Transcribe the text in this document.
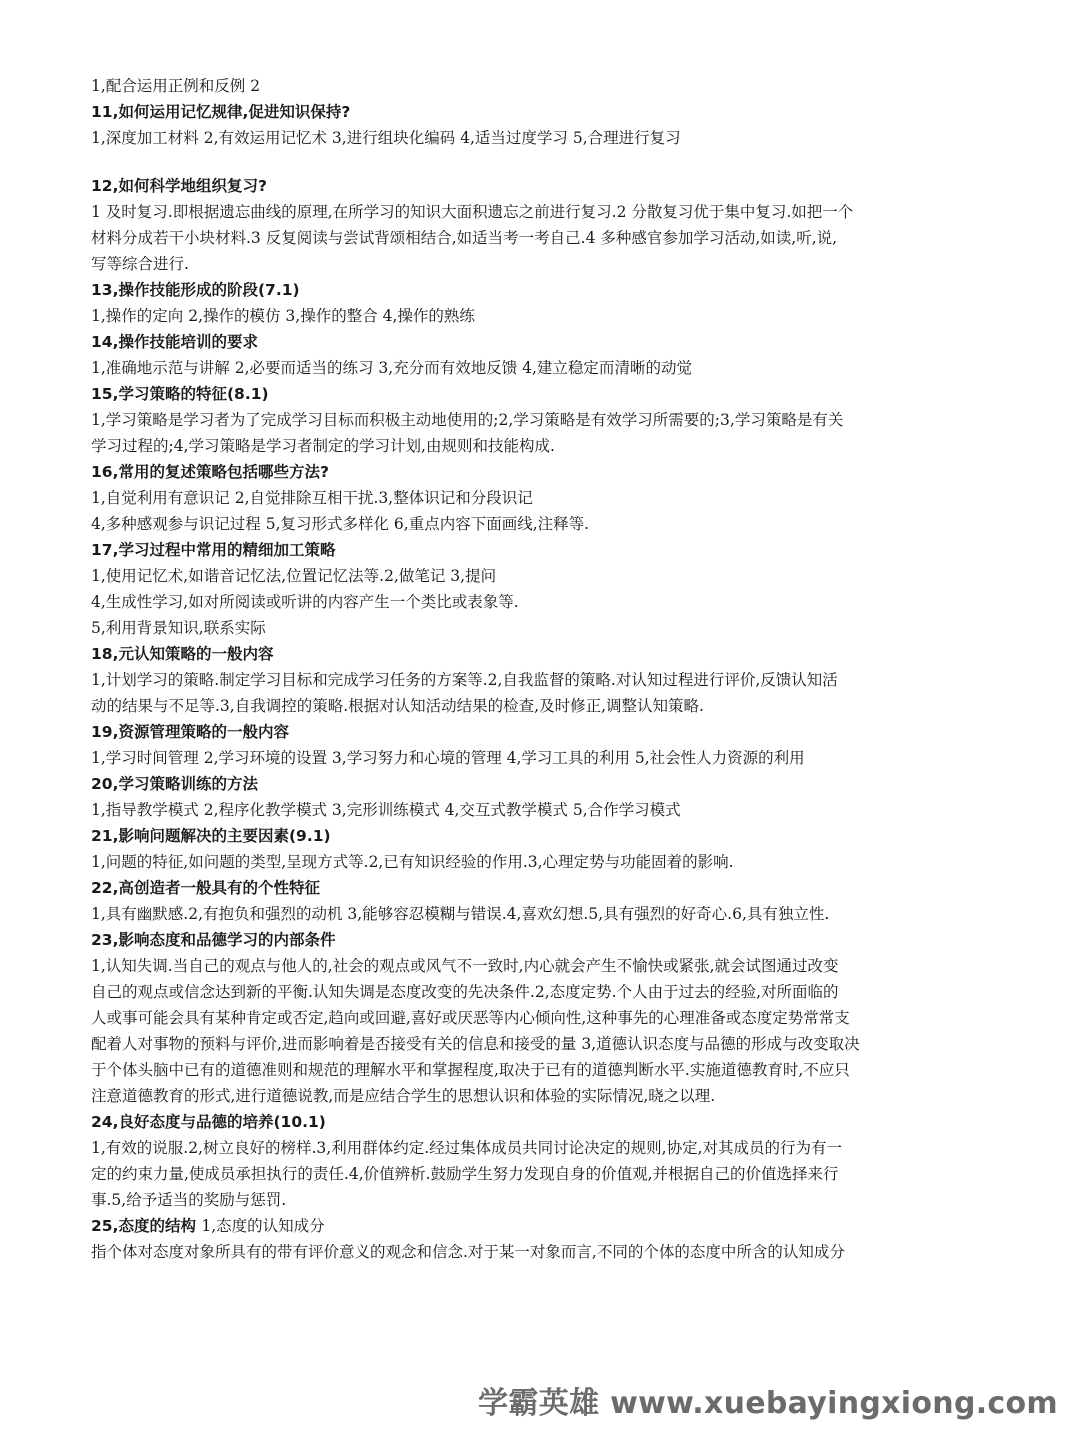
1,配合运用正例和反例 2
11,如何运用记忆规律,促进知识保持?
1,深度加工材料 2,有效运用记忆术 3,进行组块化编码 4,适当过度学习 5,合理进行复习
12,如何科学地组织复习?
1 及时复习.即根据遗忘曲线的原理,在所学习的知识大面积遗忘之前进行复习.2 分散复习优于集中复习.如把一个
材料分成若干小块材料.3 反复阅读与尝试背颂相结合,如适当考一考自己.4 多种感官参加学习活动,如读,听,说,
写等综合进行.
13,操作技能形成的阶段(7.1)
1,操作的定向 2,操作的模仿 3,操作的整合 4,操作的熟练
14,操作技能培训的要求
1,准确地示范与讲解 2,必要而适当的练习 3,充分而有效地反馈 4,建立稳定而清晰的动觉
15,学习策略的特征(8.1)
1,学习策略是学习者为了完成学习目标而积极主动地使用的;2,学习策略是有效学习所需要的;3,学习策略是有关
学习过程的;4,学习策略是学习者制定的学习计划,由规则和技能构成.
16,常用的复述策略包括哪些方法?
1,自觉利用有意识记 2,自觉排除互相干扰.3,整体识记和分段识记
4,多种感观参与识记过程 5,复习形式多样化 6,重点内容下面画线,注释等.
17,学习过程中常用的精细加工策略
1,使用记忆术,如谐音记忆法,位置记忆法等.2,做笔记 3,提问
4,生成性学习,如对所阅读或听讲的内容产生一个类比或表象等.
5,利用背景知识,联系实际
18,元认知策略的一般内容
1,计划学习的策略.制定学习目标和完成学习任务的方案等.2,自我监督的策略.对认知过程进行评价,反馈认知活
动的结果与不足等.3,自我调控的策略.根据对认知活动结果的检查,及时修正,调整认知策略.
19,资源管理策略的一般内容
1,学习时间管理 2,学习环境的设置 3,学习努力和心境的管理 4,学习工具的利用 5,社会性人力资源的利用
20,学习策略训练的方法
1,指导教学模式 2,程序化教学模式 3,完形训练模式 4,交互式教学模式 5,合作学习模式
21,影响问题解决的主要因素(9.1)
1,问题的特征,如问题的类型,呈现方式等.2,已有知识经验的作用.3,心理定势与功能固着的影响.
22,高创造者一般具有的个性特征
1,具有幽默感.2,有抱负和强烈的动机 3,能够容忍模糊与错误.4,喜欢幻想.5,具有强烈的好奇心.6,具有独立性.
23,影响态度和品德学习的内部条件
1,认知失调.当自己的观点与他人的,社会的观点或风气不一致时,内心就会产生不愉快或紧张,就会试图通过改变
自己的观点或信念达到新的平衡.认知失调是态度改变的先决条件.2,态度定势.个人由于过去的经验,对所面临的
人或事可能会具有某种肯定或否定,趋向或回避,喜好或厌恶等内心倾向性,这种事先的心理准备或态度定势常常支
配着人对事物的预料与评价,进而影响着是否接受有关的信息和接受的量 3,道德认识态度与品德的形成与改变取决
于个体头脑中已有的道德准则和规范的理解水平和掌握程度,取决于已有的道德判断水平.实施道德教育时,不应只
注意道德教育的形式,进行道德说教,而是应结合学生的思想认识和体验的实际情况,晓之以理.
24,良好态度与品德的培养(10.1)
1,有效的说服.2,树立良好的榜样.3,利用群体约定.经过集体成员共同讨论决定的规则,协定,对其成员的行为有一
定的约束力量,使成员承担执行的责任.4,价值辨析.鼓励学生努力发现自身的价值观,并根据自己的价值选择来行
事.5,给予适当的奖励与惩罚.
25,态度的结构 1,态度的认知成分
指个体对态度对象所具有的带有评价意义的观念和信念.对于某一对象而言,不同的个体的态度中所含的认知成分
学霸英雄 www.xuebayingxiong.com
